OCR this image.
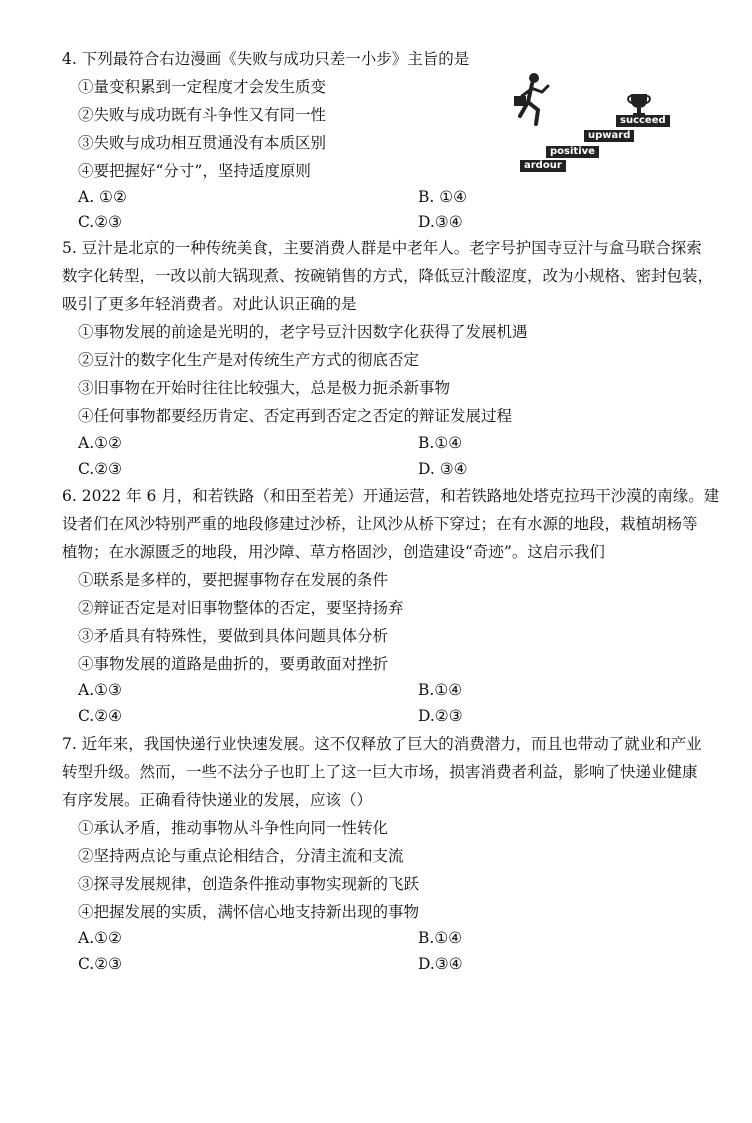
4. 下列最符合右边漫画《失败与成功只差一小步》主旨的是
①量变积累到一定程度才会发生质变
②失败与成功既有斗争性又有同一性
③失败与成功相互贯通没有本质区别
④要把握好“分寸”，坚持适度原则
A. ①②	B. ①④
C.②③	D.③④
ardour
positive
upward
succeed
5. 豆汁是北京的一种传统美食，主要消费人群是中老年人。老字号护国寺豆汁与盒马联合探索
数字化转型，一改以前大锅现煮、按碗销售的方式，降低豆汁酸涩度，改为小规格、密封包装，
吸引了更多年轻消费者。对此认识正确的是
①事物发展的前途是光明的，老字号豆汁因数字化获得了发展机遇
②豆汁的数字化生产是对传统生产方式的彻底否定
③旧事物在开始时往往比较强大，总是极力扼杀新事物
④任何事物都要经历肯定、否定再到否定之否定的辩证发展过程
A.①②	B.①④
C.②③	D. ③④
6. 2022 年 6 月，和若铁路（和田至若羌）开通运营，和若铁路地处塔克拉玛干沙漠的南缘。建
设者们在风沙特别严重的地段修建过沙桥，让风沙从桥下穿过；在有水源的地段，栽植胡杨等
植物；在水源匮乏的地段，用沙障、草方格固沙，创造建设“奇迹”。这启示我们
①联系是多样的，要把握事物存在发展的条件
②辩证否定是对旧事物整体的否定，要坚持扬弃
③矛盾具有特殊性，要做到具体问题具体分析
④事物发展的道路是曲折的，要勇敢面对挫折
A.①③	B.①④
C.②④	D.②③
7. 近年来，我国快递行业快速发展。这不仅释放了巨大的消费潜力，而且也带动了就业和产业
转型升级。然而，一些不法分子也盯上了这一巨大市场，损害消费者利益，影响了快递业健康
有序发展。正确看待快递业的发展，应该（）
①承认矛盾，推动事物从斗争性向同一性转化
②坚持两点论与重点论相结合，分清主流和支流
③探寻发展规律，创造条件推动事物实现新的飞跃
④把握发展的实质，满怀信心地支持新出现的事物
A.①②	B.①④
C.②③	D.③④
